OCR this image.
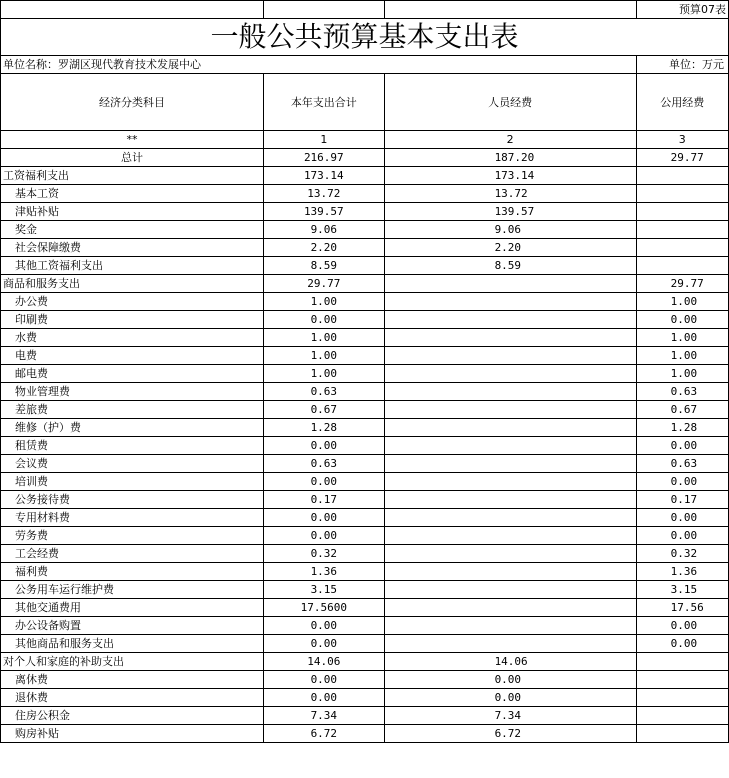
			预算07表
一般公共预算基本支出表			
单位名称：罗湖区现代教育技术发展中心			单位：万元
经济分类科目	本年支出合计	人员经费	公用经费
**	1	2	3
总计	216.97	187.20	29.77
工资福利支出	173.14	173.14	
基本工资	13.72	13.72	
津贴补贴	139.57	139.57	
奖金	9.06	9.06	
社会保障缴费	2.20	2.20	
其他工资福利支出	8.59	8.59	
商品和服务支出	29.77		29.77
办公费	1.00		1.00
印刷费	0.00		0.00
水费	1.00		1.00
电费	1.00		1.00
邮电费	1.00		1.00
物业管理费	0.63		0.63
差旅费	0.67		0.67
维修（护）费	1.28		1.28
租赁费	0.00		0.00
会议费	0.63		0.63
培训费	0.00		0.00
公务接待费	0.17		0.17
专用材料费	0.00		0.00
劳务费	0.00		0.00
工会经费	0.32		0.32
福利费	1.36		1.36
公务用车运行维护费	3.15		3.15
其他交通费用	17.5600		17.56
办公设备购置	0.00		0.00
其他商品和服务支出	0.00		0.00
对个人和家庭的补助支出	14.06	14.06	
离休费	0.00	0.00	
退休费	0.00	0.00	
住房公积金	7.34	7.34	
购房补贴	6.72	6.72	
